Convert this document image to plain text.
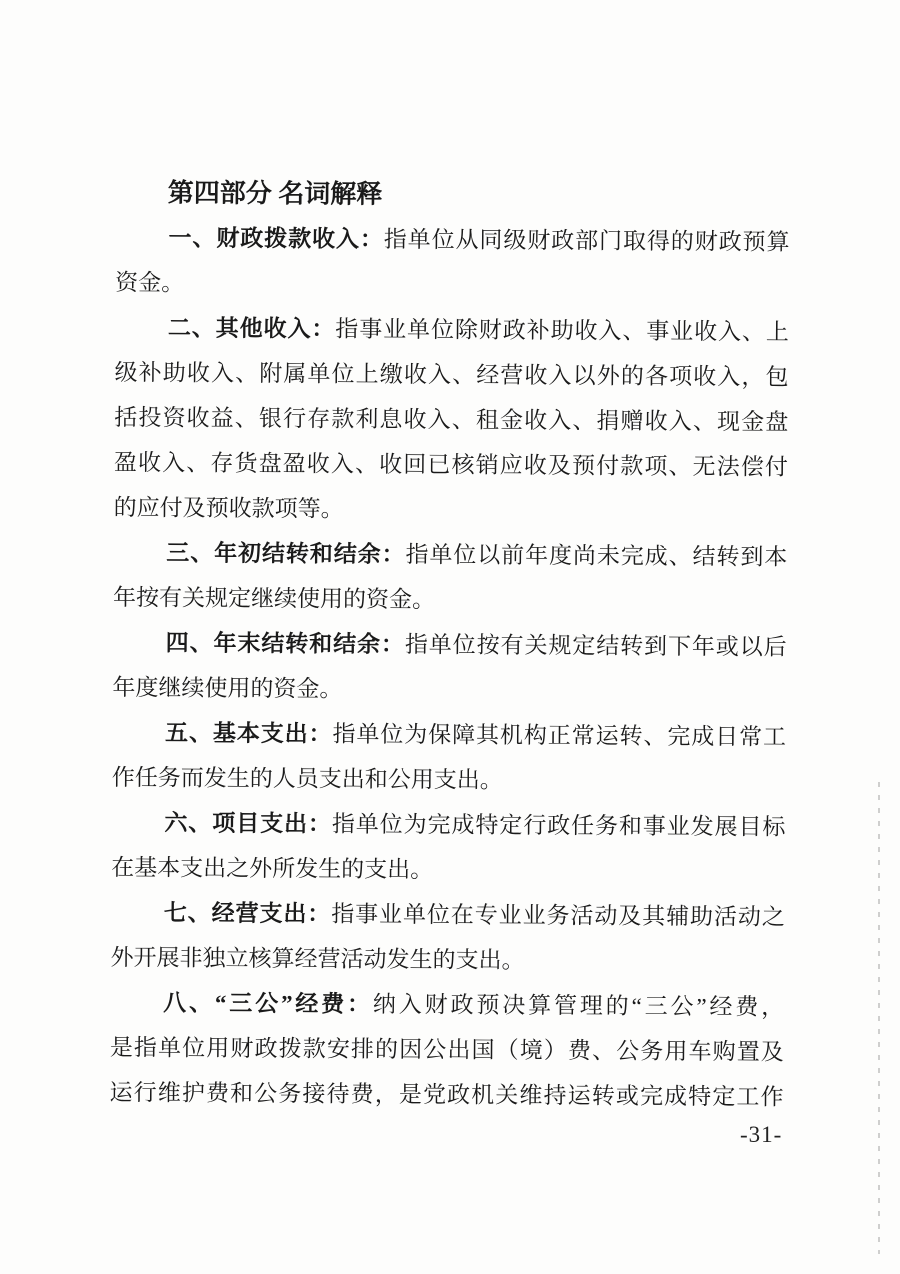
第四部分 名词解释
一、财政拨款收入：指单位从同级财政部门取得的财政预算
资金。
二、其他收入：指事业单位除财政补助收入、事业收入、上
级补助收入、附属单位上缴收入、经营收入以外的各项收入，包
括投资收益、银行存款利息收入、租金收入、捐赠收入、现金盘
盈收入、存货盘盈收入、收回已核销应收及预付款项、无法偿付
的应付及预收款项等。
三、年初结转和结余：指单位以前年度尚未完成、结转到本
年按有关规定继续使用的资金。
四、年末结转和结余：指单位按有关规定结转到下年或以后
年度继续使用的资金。
五、基本支出：指单位为保障其机构正常运转、完成日常工
作任务而发生的人员支出和公用支出。
六、项目支出：指单位为完成特定行政任务和事业发展目标
在基本支出之外所发生的支出。
七、经营支出：指事业单位在专业业务活动及其辅助活动之
外开展非独立核算经营活动发生的支出。
八、“三公”经费：纳入财政预决算管理的“三公”经费，
是指单位用财政拨款安排的因公出国（境）费、公务用车购置及
运行维护费和公务接待费，是党政机关维持运转或完成特定工作
-31-
